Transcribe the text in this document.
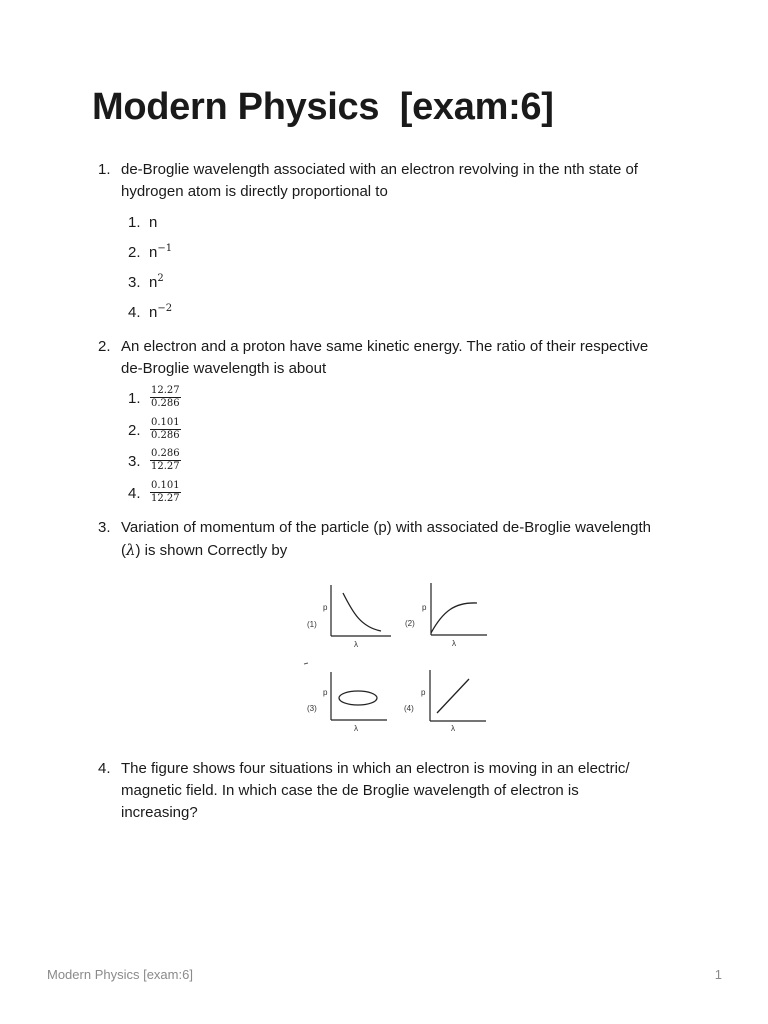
Modern Physics  [exam:6]
1. de-Broglie wavelength associated with an electron revolving in the nth state of hydrogen atom is directly proportional to
1. n
2. $n^{-1}$
3. $n^2$
4. $n^{-2}$
2. An electron and a proton have same kinetic energy. The ratio of their respective de-Broglie wavelength is about
1. $\frac{12.27}{0.286}$
2. $\frac{0.101}{0.286}$
3. $\frac{0.286}{12.27}$
4. $\frac{0.101}{12.27}$
3. Variation of momentum of the particle (p) with associated de-Broglie wavelength (λ) is shown Correctly by
4. The figure shows four situations in which an electron is moving in an electric/ magnetic field. In which case the de Broglie wavelength of electron is increasing?
p
(1)
λ
p
(2)
λ
p
(3)
λ
p
(4)
λ
Modern Physics [exam:6]	1
